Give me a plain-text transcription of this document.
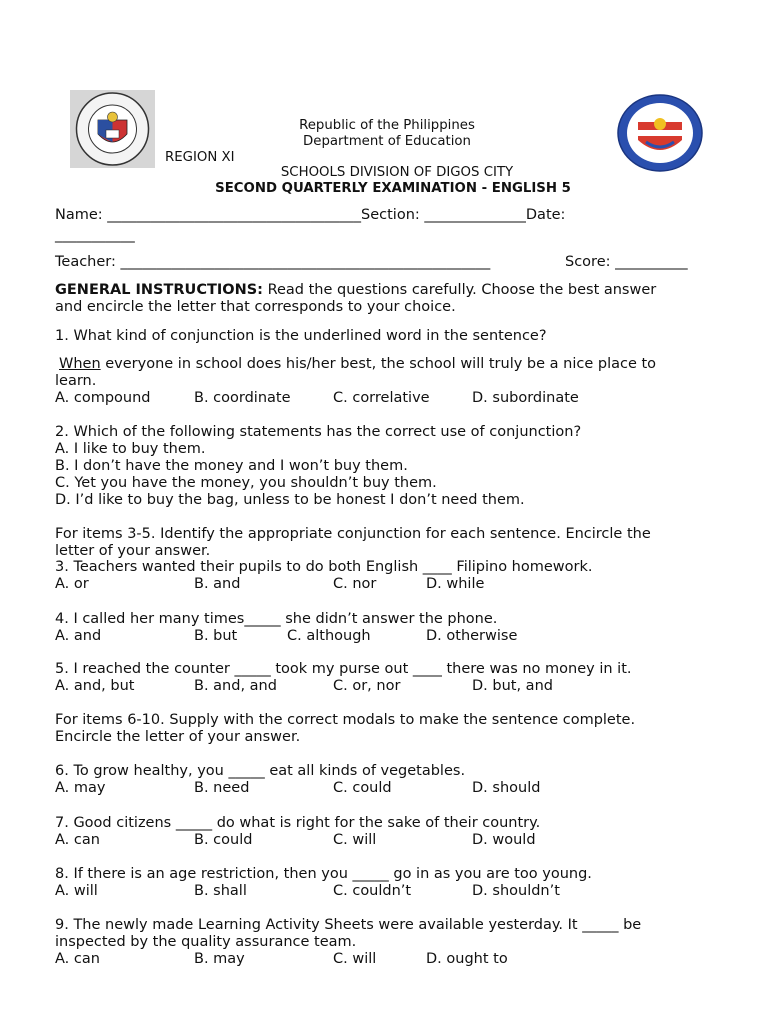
Republic of the Philippines
Department of Education
REGION XI
SCHOOLS DIVISION OF DIGOS CITY
SECOND QUARTERLY EXAMINATION - ENGLISH 5
Name: ___________________________________Section: ______________Date:
___________
Teacher: ___________________________________________________	Score: __________
GENERAL INSTRUCTIONS: Read the questions carefully. Choose the best answer
and encircle the letter that corresponds to your choice.
1. What kind of conjunction is the underlined word in the sentence?
When everyone in school does his/her best, the school will truly be a nice place to
learn.
A. compound	B. coordinate	C. correlative	D. subordinate
2. Which of the following statements has the correct use of conjunction?
A. I like to buy them.
B. I don’t have the money and I won’t buy them.
C. Yet you have the money, you shouldn’t buy them.
D. I’d like to buy the bag, unless to be honest I don’t need them.
For items 3-5. Identify the appropriate conjunction for each sentence. Encircle the
letter of your answer.
3. Teachers wanted their pupils to do both English ____ Filipino homework.
A. or	B. and	C. nor	D. while
4. I called her many times_____ she didn’t answer the phone.
A. and	B. but	C. although	D. otherwise
5. I reached the counter _____ took my purse out ____ there was no money in it.
A. and, but	B. and, and	C. or, nor	D. but, and
For items 6-10. Supply with the correct modals to make the sentence complete.
Encircle the letter of your answer.
6. To grow healthy, you _____ eat all kinds of vegetables.
A. may	B. need	C. could	D. should
7. Good citizens _____ do what is right for the sake of their country.
A. can	B. could	C. will	D. would
8. If there is an age restriction, then you _____ go in as you are too young.
A. will	B. shall	C. couldn’t	D. shouldn’t
9. The newly made Learning Activity Sheets were available yesterday. It _____ be
inspected by the quality assurance team.
A. can	B. may	C. will	D. ought to
